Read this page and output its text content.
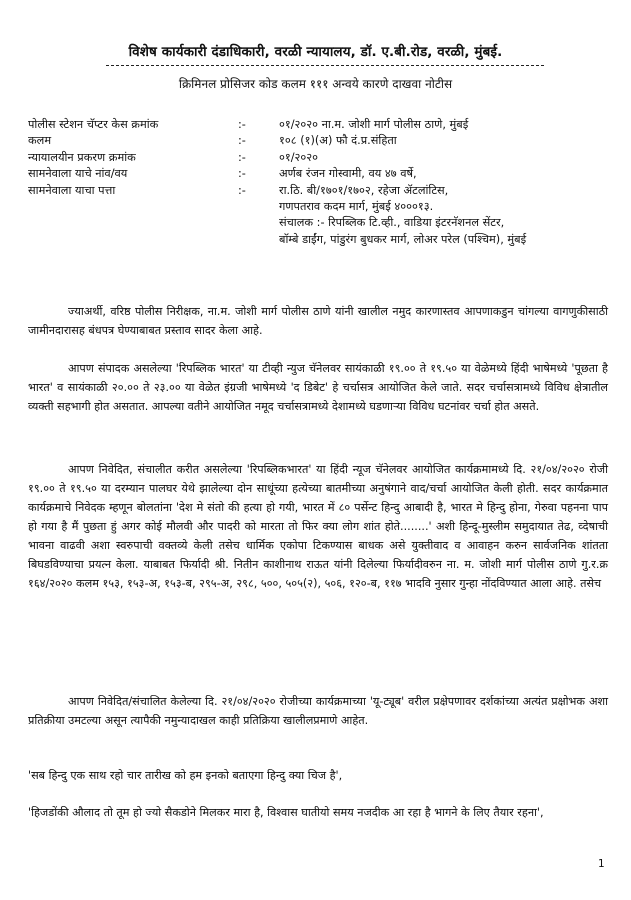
विशेष कार्यकारी दंडाधिकारी, वरळी न्यायालय, डॉ. ए.बी.रोड, वरळी, मुंबई.
क्रिमिनल प्रोसिजर कोड कलम १११ अन्वये कारणे दाखवा नोटीस
पोलीस स्टेशन चॅप्टर केस क्रमांक	:-	०१/२०२० ना.म. जोशी मार्ग पोलीस ठाणे, मुंबई
कलम	:-	१०८ (१)(अ) फौ दं.प्र.संहिता
न्यायालयीन प्रकरण क्रमांक	:-	०१/२०२०
सामनेवाला याचे नांव/वय	:-	अर्णब रंजन गोस्वामी, वय ४७ वर्षे,
सामनेवाला याचा पत्ता	:-	रा.ठि. बी/१७०१/१७०२, रहेजा ॲटलांटिस,
गणपतराव कदम मार्ग, मुंबई ४०००१३.
संचालक :- रिपब्लिक टि.व्ही., वाडिया इंटरनॅशनल सेंटर,
बॉम्बे डाईंग, पांडुरंग बुधकर मार्ग, लोअर परेल (पश्चिम), मुंबई
ज्याअर्थी, वरिष्ठ पोलीस निरीक्षक, ना.म. जोशी मार्ग पोलीस ठाणे यांनी खालील नमुद कारणास्तव आपणाकडुन चांगल्या वागणुकीसाठी जामीनदारासह बंधपत्र घेण्याबाबत प्रस्ताव सादर केला आहे.
आपण संपादक असलेल्या 'रिपब्लिक भारत' या टीव्ही न्युज चॅनेलवर सायंकाळी १९.०० ते १९.५० या वेळेमध्ये हिंदी भाषेमध्ये 'पूछता है भारत' व सायंकाळी २०.०० ते २३.०० या वेळेत इंग्रजी भाषेमध्ये 'द डिबेट' हे चर्चासत्र आयोजित केले जाते. सदर चर्चासत्रामध्ये विविध क्षेत्रातील व्यक्ती सहभागी होत असतात. आपल्या वतीने आयोजित नमूद चर्चासत्रामध्ये देशामध्ये घडणाऱ्या विविध घटनांवर चर्चा होत असते.
आपण निवेदित, संचालीत करीत असलेल्या 'रिपब्लिकभारत' या हिंदी न्यूज चॅनेलवर आयोजित कार्यक्रमामध्ये दि. २१/०४/२०२० रोजी १९.०० ते १९.५० या दरम्यान पालघर येथे झालेल्या दोन साधूंच्या हत्येच्या बातमीच्या अनुषंगाने वाद/चर्चा आयोजित केली होती. सदर कार्यक्रमात कार्यक्रमाचे निवेदक म्हणून बोलतांना 'देश मे संतो की हत्या हो गयी, भारत में ८० पर्सेन्ट हिन्दु आबादी है, भारत मे हिन्दु होना, गेरुवा पहनना पाप हो गया है मैं पुछता हुं अगर कोई मौलवी और पादरी को मारता तो फिर क्या लोग शांत होते........' अशी हिन्दू-मुस्लीम समुदायात तेढ, व्देषाची भावना वाढवी अशा स्वरुपाची वक्तव्ये केली तसेच धार्मिक एकोपा टिकण्यास बाधक असे युक्तीवाद व आवाहन करुन सार्वजनिक शांतता बिघडविण्याचा प्रयत्न केला. याबाबत फिर्यादी श्री. नितीन काशीनाथ राऊत यांनी दिलेल्या फिर्यादीवरुन ना. म. जोशी मार्ग पोलीस ठाणे गु.र.क्र १६४/२०२० कलम १५३, १५३-अ, १५३-ब, २९५-अ, २९८, ५००, ५०५(२), ५०६, १२०-ब, ११७ भादवि नुसार गुन्हा नोंदविण्यात आला आहे. तसेच
आपण निवेदित/संचालित केलेल्या दि. २१/०४/२०२० रोजीच्या कार्यक्रमाच्या 'यू-ट्यूब' वरील प्रक्षेपणावर दर्शकांच्या अत्यंत प्रक्षोभक अशा प्रतिक्रीया उमटल्या असून त्यापैकी नमुन्यादाखल काही प्रतिक्रिया खालीलप्रमाणे आहेत.
'सब हिन्दु एक साथ रहो चार तारीख को हम इनको बताएगा हिन्दु क्या चिज है',
'हिजडोंकी औलाद तो तूम हो ज्यो सैकडोने मिलकर मारा है, विश्वास घातीयो समय नजदीक आ रहा है भागने के लिए तैयार रहना',
1
